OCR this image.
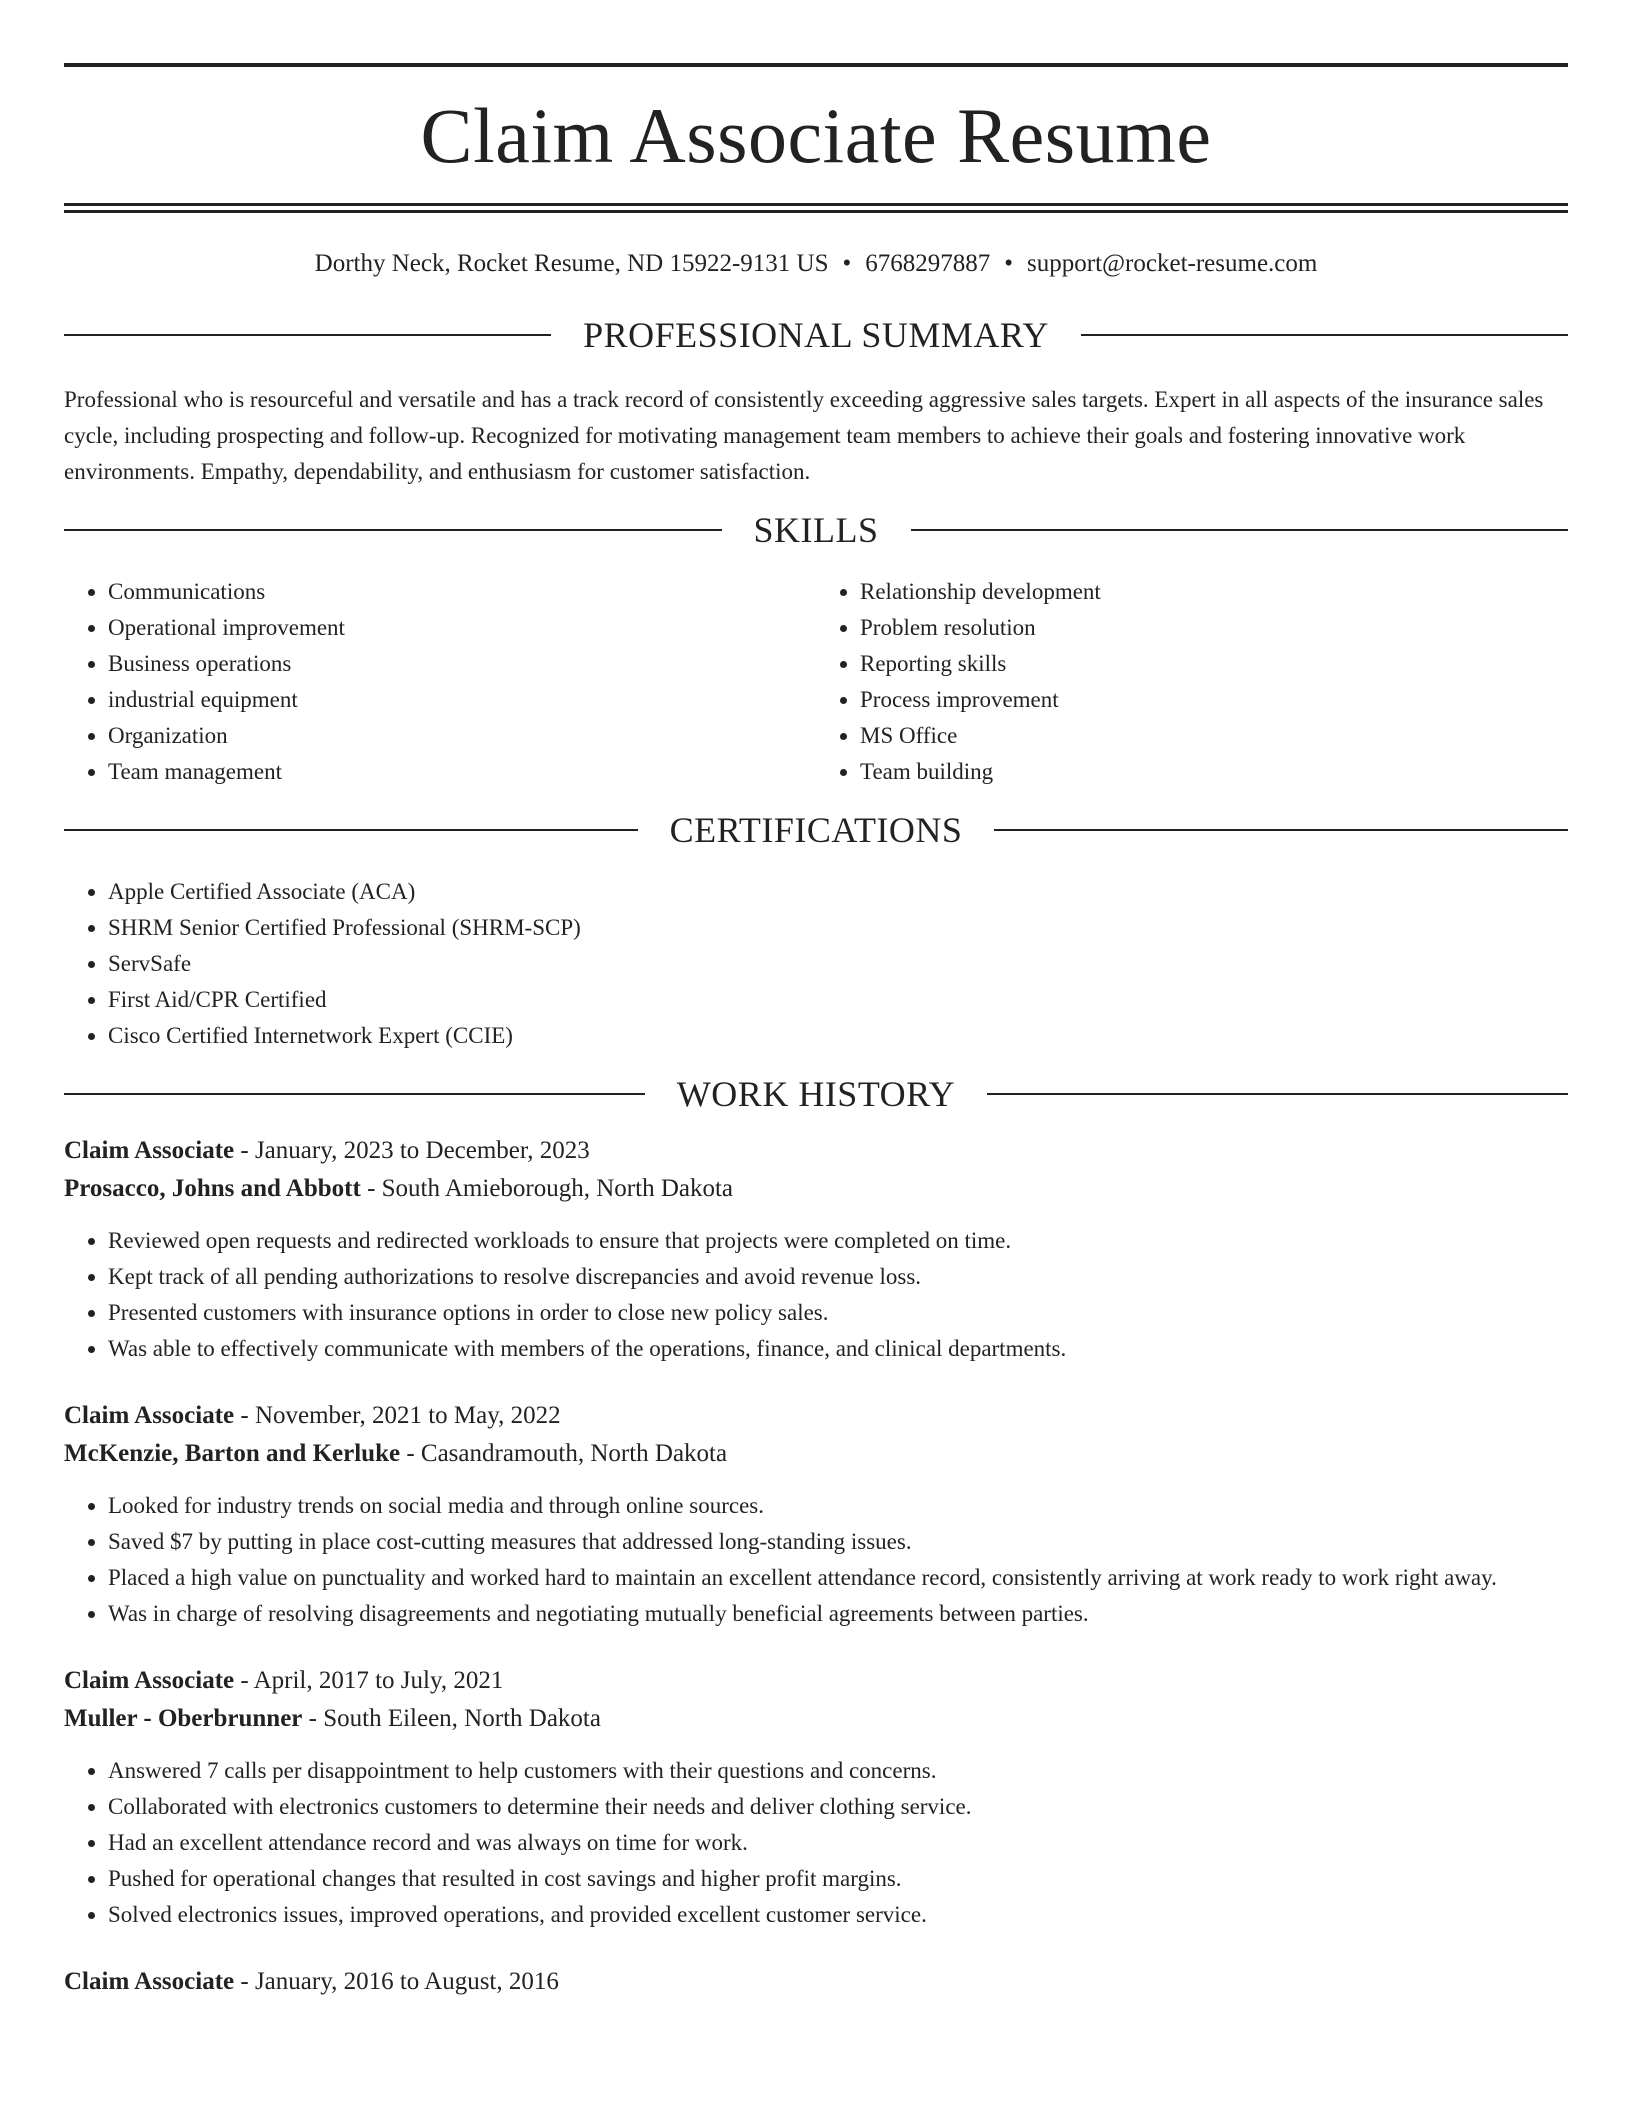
Claim Associate Resume
Dorthy Neck, Rocket Resume, ND 15922-9131 US • 6768297887 • support@rocket-resume.com
PROFESSIONAL SUMMARY

Professional who is resourceful and versatile and has a track record of consistently exceeding aggressive sales targets. Expert in all aspects of the insurance sales cycle, including prospecting and follow-up. Recognized for motivating management team members to achieve their goals and fostering innovative work environments. Empathy, dependability, and enthusiasm for customer satisfaction.

SKILLS
• Communications
• Operational improvement
• Business operations
• industrial equipment
• Organization
• Team management
• Relationship development
• Problem resolution
• Reporting skills
• Process improvement
• MS Office
• Team building
CERTIFICATIONS
• Apple Certified Associate (ACA)
• SHRM Senior Certified Professional (SHRM-SCP)
• ServSafe
• First Aid/CPR Certified
• Cisco Certified Internetwork Expert (CCIE)
WORK HISTORY
Claim Associate - January, 2023 to December, 2023
Prosacco, Johns and Abbott - South Amieborough, North Dakota
• Reviewed open requests and redirected workloads to ensure that projects were completed on time.
• Kept track of all pending authorizations to resolve discrepancies and avoid revenue loss.
• Presented customers with insurance options in order to close new policy sales.
• Was able to effectively communicate with members of the operations, finance, and clinical departments.
Claim Associate - November, 2021 to May, 2022
McKenzie, Barton and Kerluke - Casandramouth, North Dakota
• Looked for industry trends on social media and through online sources.
• Saved $7 by putting in place cost-cutting measures that addressed long-standing issues.
• Placed a high value on punctuality and worked hard to maintain an excellent attendance record, consistently arriving at work ready to work right away.
• Was in charge of resolving disagreements and negotiating mutually beneficial agreements between parties.
Claim Associate - April, 2017 to July, 2021
Muller - Oberbrunner - South Eileen, North Dakota
• Answered 7 calls per disappointment to help customers with their questions and concerns.
• Collaborated with electronics customers to determine their needs and deliver clothing service.
• Had an excellent attendance record and was always on time for work.
• Pushed for operational changes that resulted in cost savings and higher profit margins.
• Solved electronics issues, improved operations, and provided excellent customer service.
Claim Associate - January, 2016 to August, 2016
